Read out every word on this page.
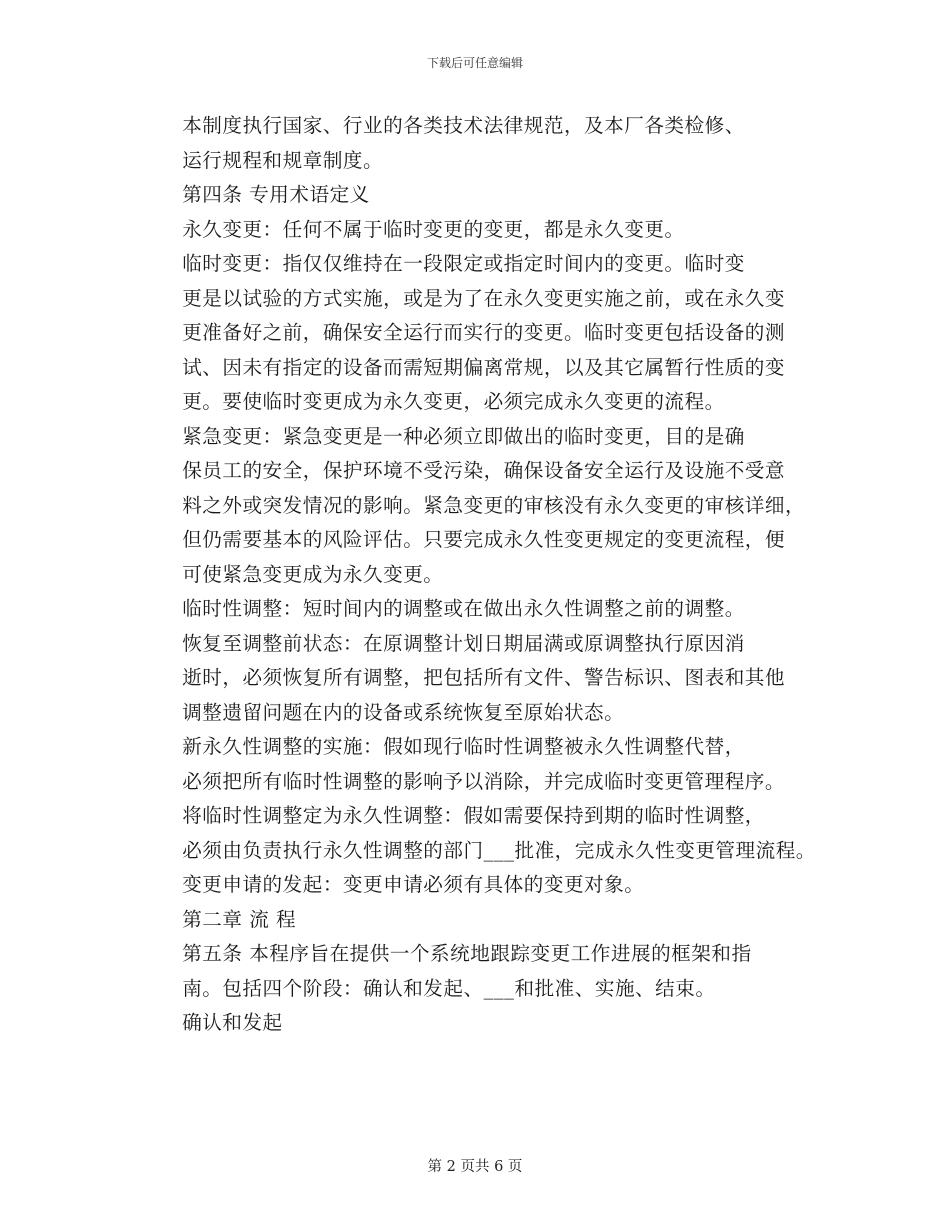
下载后可任意编辑

本制度执行国家、行业的各类技术法律规范，及本厂各类检修、
运行规程和规章制度。

第四条 专用术语定义

永久变更：任何不属于临时变更的变更，都是永久变更。

临时变更：指仅仅维持在一段限定或指定时间内的变更。临时变
更是以试验的方式实施，或是为了在永久变更实施之前，或在永久变
更准备好之前，确保安全运行而实行的变更。临时变更包括设备的测
试、因未有指定的设备而需短期偏离常规，以及其它属暂行性质的变
更。要使临时变更成为永久变更，必须完成永久变更的流程。

紧急变更：紧急变更是一种必须立即做出的临时变更，目的是确
保员工的安全，保护环境不受污染，确保设备安全运行及设施不受意
料之外或突发情况的影响。紧急变更的审核没有永久变更的审核详细，
但仍需要基本的风险评估。只要完成永久性变更规定的变更流程，便
可使紧急变更成为永久变更。

临时性调整：短时间内的调整或在做出永久性调整之前的调整。

恢复至调整前状态：在原调整计划日期届满或原调整执行原因消
逝时，必须恢复所有调整，把包括所有文件、警告标识、图表和其他
调整遗留问题在内的设备或系统恢复至原始状态。

新永久性调整的实施：假如现行临时性调整被永久性调整代替，
必须把所有临时性调整的影响予以消除，并完成临时变更管理程序。

将临时性调整定为永久性调整：假如需要保持到期的临时性调整，
必须由负责执行永久性调整的部门___批准，完成永久性变更管理流程。

变更申请的发起：变更申请必须有具体的变更对象。

第二章 流 程

第五条 本程序旨在提供一个系统地跟踪变更工作进展的框架和指
南。包括四个阶段：确认和发起、___和批准、实施、结束。

确认和发起

第 2 页共 6 页
